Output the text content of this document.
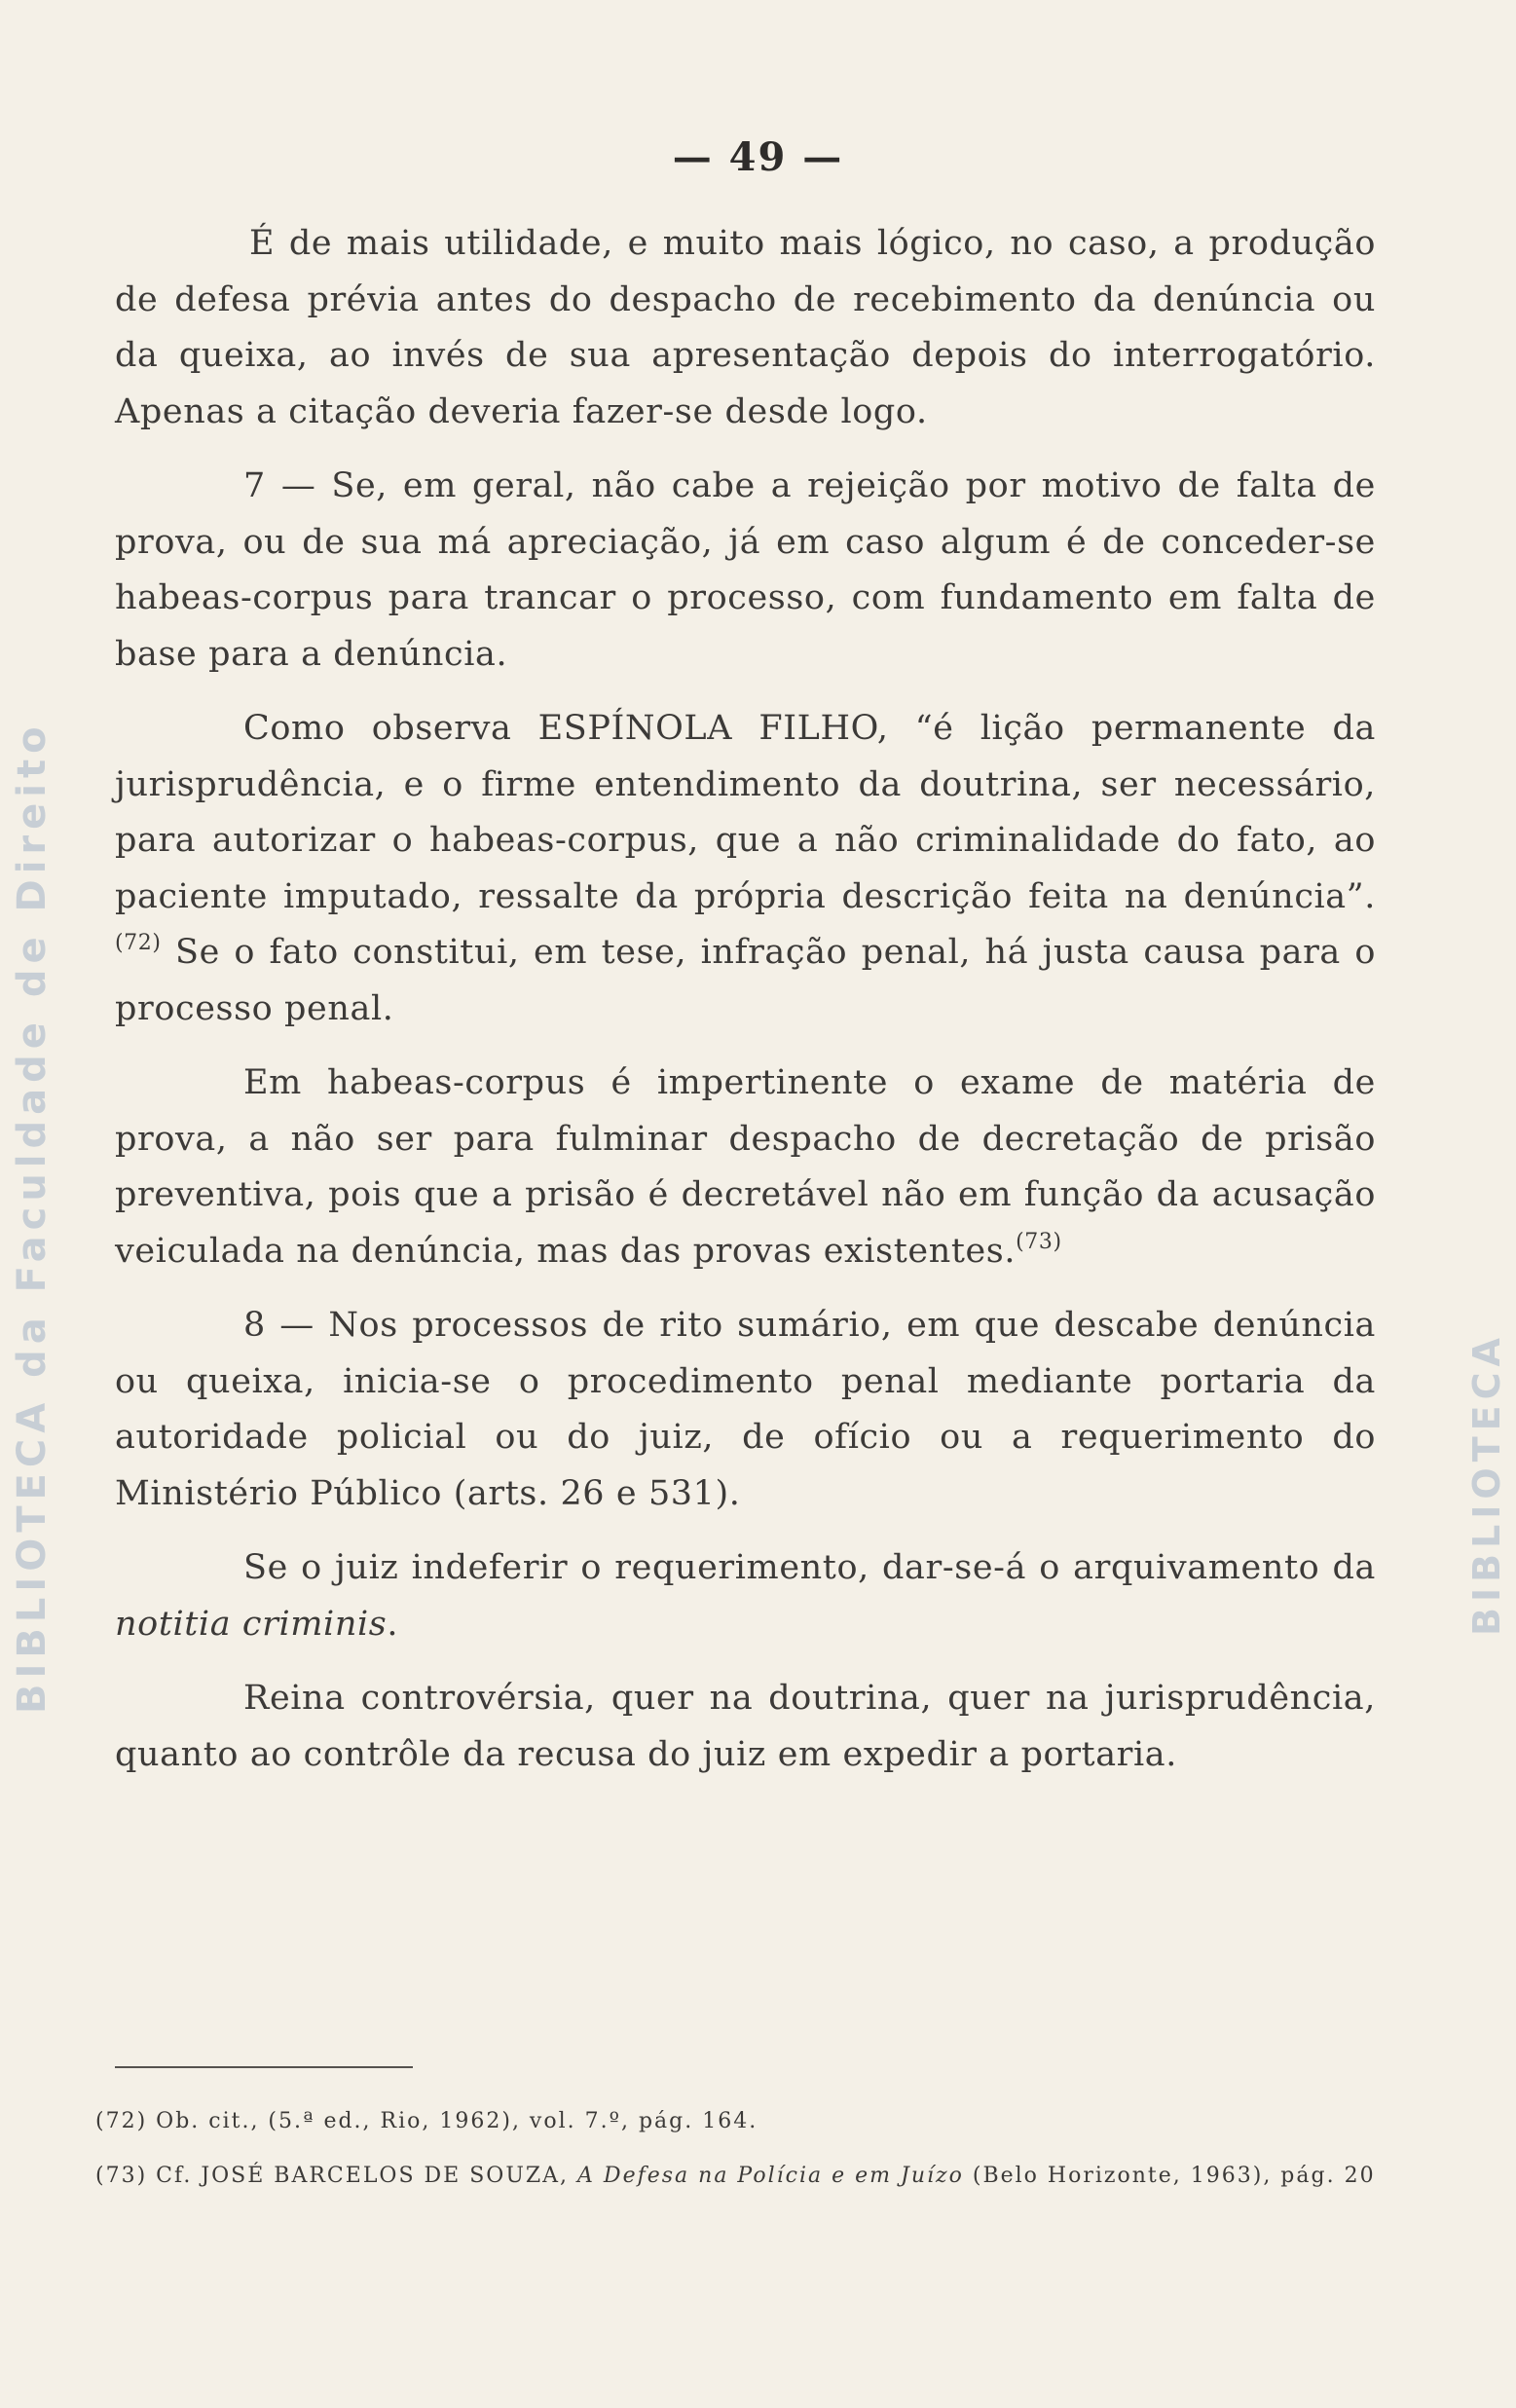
— 49 —

É de mais utilidade, e muito mais lógico, no caso, a produção de defesa prévia antes do despacho de recebimento da denúncia ou da queixa, ao invés de sua apresentação depois do interrogatório. Apenas a citação deveria fazer-se desde logo.

7 — Se, em geral, não cabe a rejeição por motivo de falta de prova, ou de sua má apreciação, já em caso algum é de conceder-se habeas-corpus para trancar o processo, com fundamento em falta de base para a denúncia.

Como observa ESPÍNOLA FILHO, “é lição permanente da jurisprudência, e o firme entendimento da doutrina, ser necessário, para autorizar o habeas-corpus, que a não criminalidade do fato, ao paciente imputado, ressalte da própria descrição feita na denúncia”.$^{(72)}$ Se o fato constitui, em tese, infração penal, há justa causa para o processo penal.

Em habeas-corpus é impertinente o exame de matéria de prova, a não ser para fulminar despacho de decretação de prisão preventiva, pois que a prisão é decretável não em função da acusação veiculada na denúncia, mas das provas existentes.$^{(73)}$

8 — Nos processos de rito sumário, em que descabe denúncia ou queixa, inicia-se o procedimento penal mediante portaria da autoridade policial ou do juiz, de ofício ou a requerimento do Ministério Público (arts. 26 e 531).

Se o juiz indeferir o requerimento, dar-se-á o arquivamento da notitia criminis.

Reina controvérsia, quer na doutrina, quer na jurisprudência, quanto ao contrôle da recusa do juiz em expedir a portaria.

(72) Ob. cit., (5.ª ed., Rio, 1962), vol. 7.º, pág. 164.

(73) Cf. JOSÉ BARCELOS DE SOUZA, A Defesa na Polícia e em Juízo (Belo Horizonte, 1963), pág. 20

BIBLIOTECA da Faculdade de Direito	BIBLIOTECA
